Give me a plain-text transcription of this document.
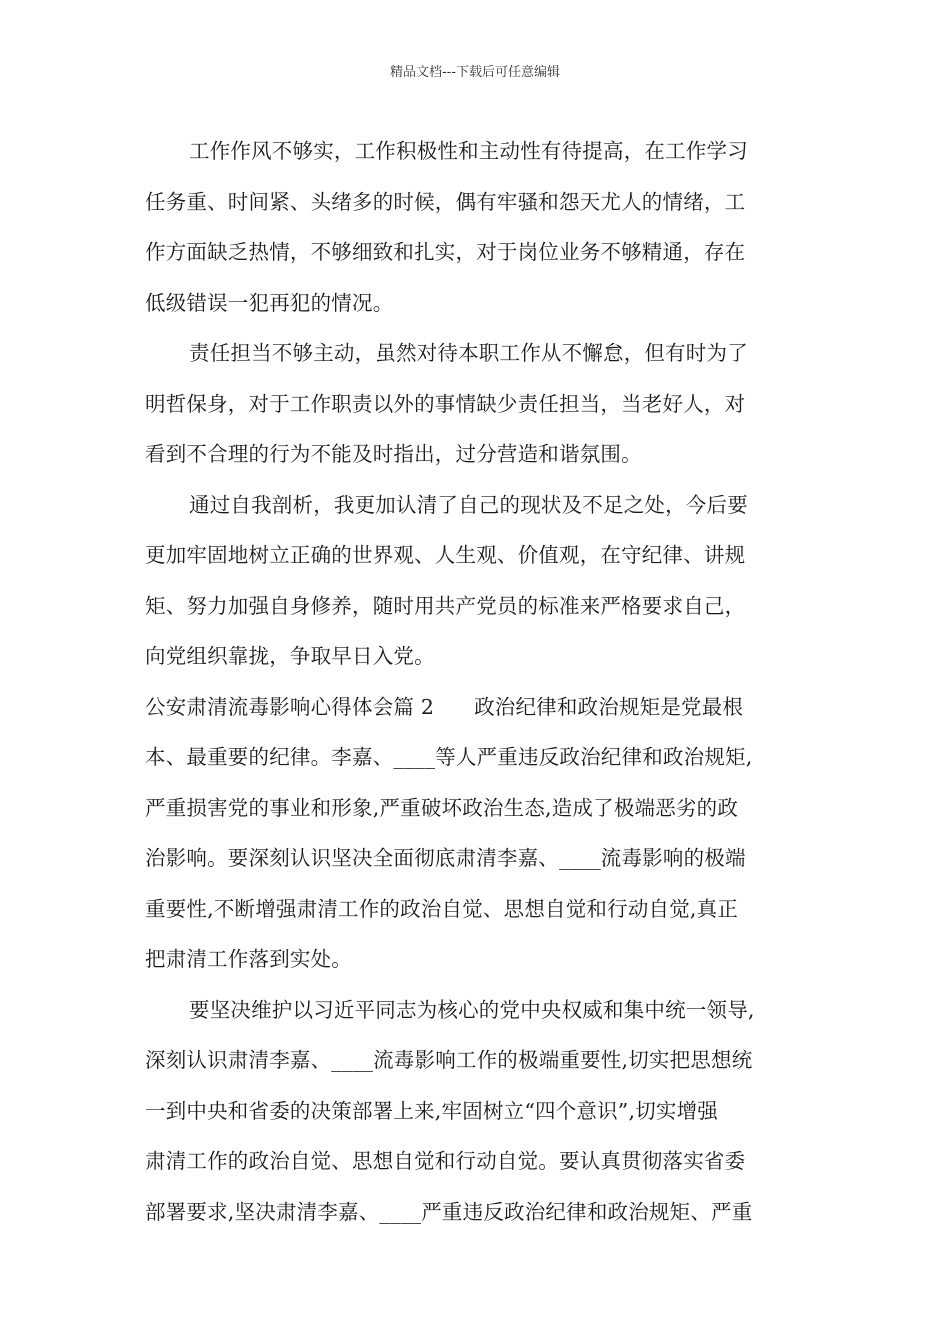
精品文档---下载后可任意编辑
工作作风不够实，工作积极性和主动性有待提高，在工作学习
任务重、时间紧、头绪多的时候，偶有牢骚和怨天尤人的情绪，工
作方面缺乏热情，不够细致和扎实，对于岗位业务不够精通，存在
低级错误一犯再犯的情况。
责任担当不够主动，虽然对待本职工作从不懈怠，但有时为了
明哲保身，对于工作职责以外的事情缺少责任担当，当老好人，对
看到不合理的行为不能及时指出，过分营造和谐氛围。
通过自我剖析，我更加认清了自己的现状及不足之处，今后要
更加牢固地树立正确的世界观、人生观、价值观，在守纪律、讲规
矩、努力加强自身修养，随时用共产党员的标准来严格要求自己，
向党组织靠拢，争取早日入党。
公安肃清流毒影响心得体会篇 2 政治纪律和政治规矩是党最根
本、最重要的纪律。李嘉、____等人严重违反政治纪律和政治规矩,
严重损害党的事业和形象,严重破坏政治生态,造成了极端恶劣的政
治影响。要深刻认识坚决全面彻底肃清李嘉、____流毒影响的极端
重要性,不断增强肃清工作的政治自觉、思想自觉和行动自觉,真正
把肃清工作落到实处。
要坚决维护以习近平同志为核心的党中央权威和集中统一领导,
深刻认识肃清李嘉、____流毒影响工作的极端重要性,切实把思想统
一到中央和省委的决策部署上来,牢固树立“四个意识”,切实增强
肃清工作的政治自觉、思想自觉和行动自觉。要认真贯彻落实省委
部署要求,坚决肃清李嘉、____严重违反政治纪律和政治规矩、严重
